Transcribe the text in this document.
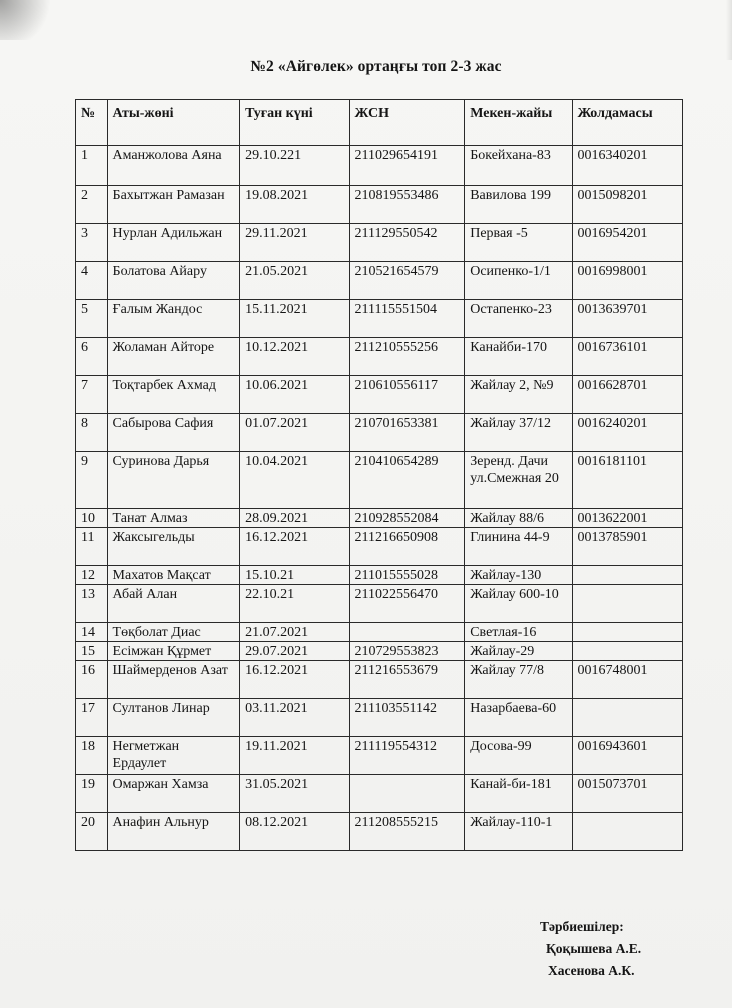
№2 «Айгөлек» ортаңғы топ 2-3 жас
№	Аты-жөні	Туған күні	ЖСН	Мекен-жайы	Жолдамасы
1	Аманжолова Аяна	29.10.221	211029654191	Бокейхана-83	0016340201
2	Бахытжан Рамазан	19.08.2021	210819553486	Вавилова 199	0015098201
3	Нурлан Адильжан	29.11.2021	211129550542	Первая -5	0016954201
4	Болатова Айару	21.05.2021	210521654579	Осипенко-1/1	0016998001
5	Ғалым Жандос	15.11.2021	211115551504	Остапенко-23	0013639701
6	Жоламан Айторе	10.12.2021	211210555256	Канайби-170	0016736101
7	Тоқтарбек Ахмад	10.06.2021	210610556117	Жайлау 2, №9	0016628701
8	Сабырова Сафия	01.07.2021	210701653381	Жайлау 37/12	0016240201
9	Суринова Дарья	10.04.2021	210410654289	Зеренд. Дачи ул.Смежная 20	0016181101
10	Танат Алмаз	28.09.2021	210928552084	Жайлау 88/6	0013622001
11	Жаксыгельды	16.12.2021	211216650908	Глинина 44-9	0013785901
12	Махатов Мақсат	15.10.21	211015555028	Жайлау-130	
13	Абай Алан	22.10.21	211022556470	Жайлау 600-10	
14	Төқболат Диас	21.07.2021		Светлая-16	
15	Есімжан Құрмет	29.07.2021	210729553823	Жайлау-29	
16	Шаймерденов Азат	16.12.2021	211216553679	Жайлау 77/8	0016748001
17	Султанов Линар	03.11.2021	211103551142	Назарбаева-60	
18	Негметжан Ердаулет	19.11.2021	211119554312	Досова-99	0016943601
19	Омаржан Хамза	31.05.2021		Канай-би-181	0015073701
20	Анафин Альнур	08.12.2021	211208555215	Жайлау-110-1	
Тәрбиешілер:
Қоқышева А.Е.
Хасенова А.К.
